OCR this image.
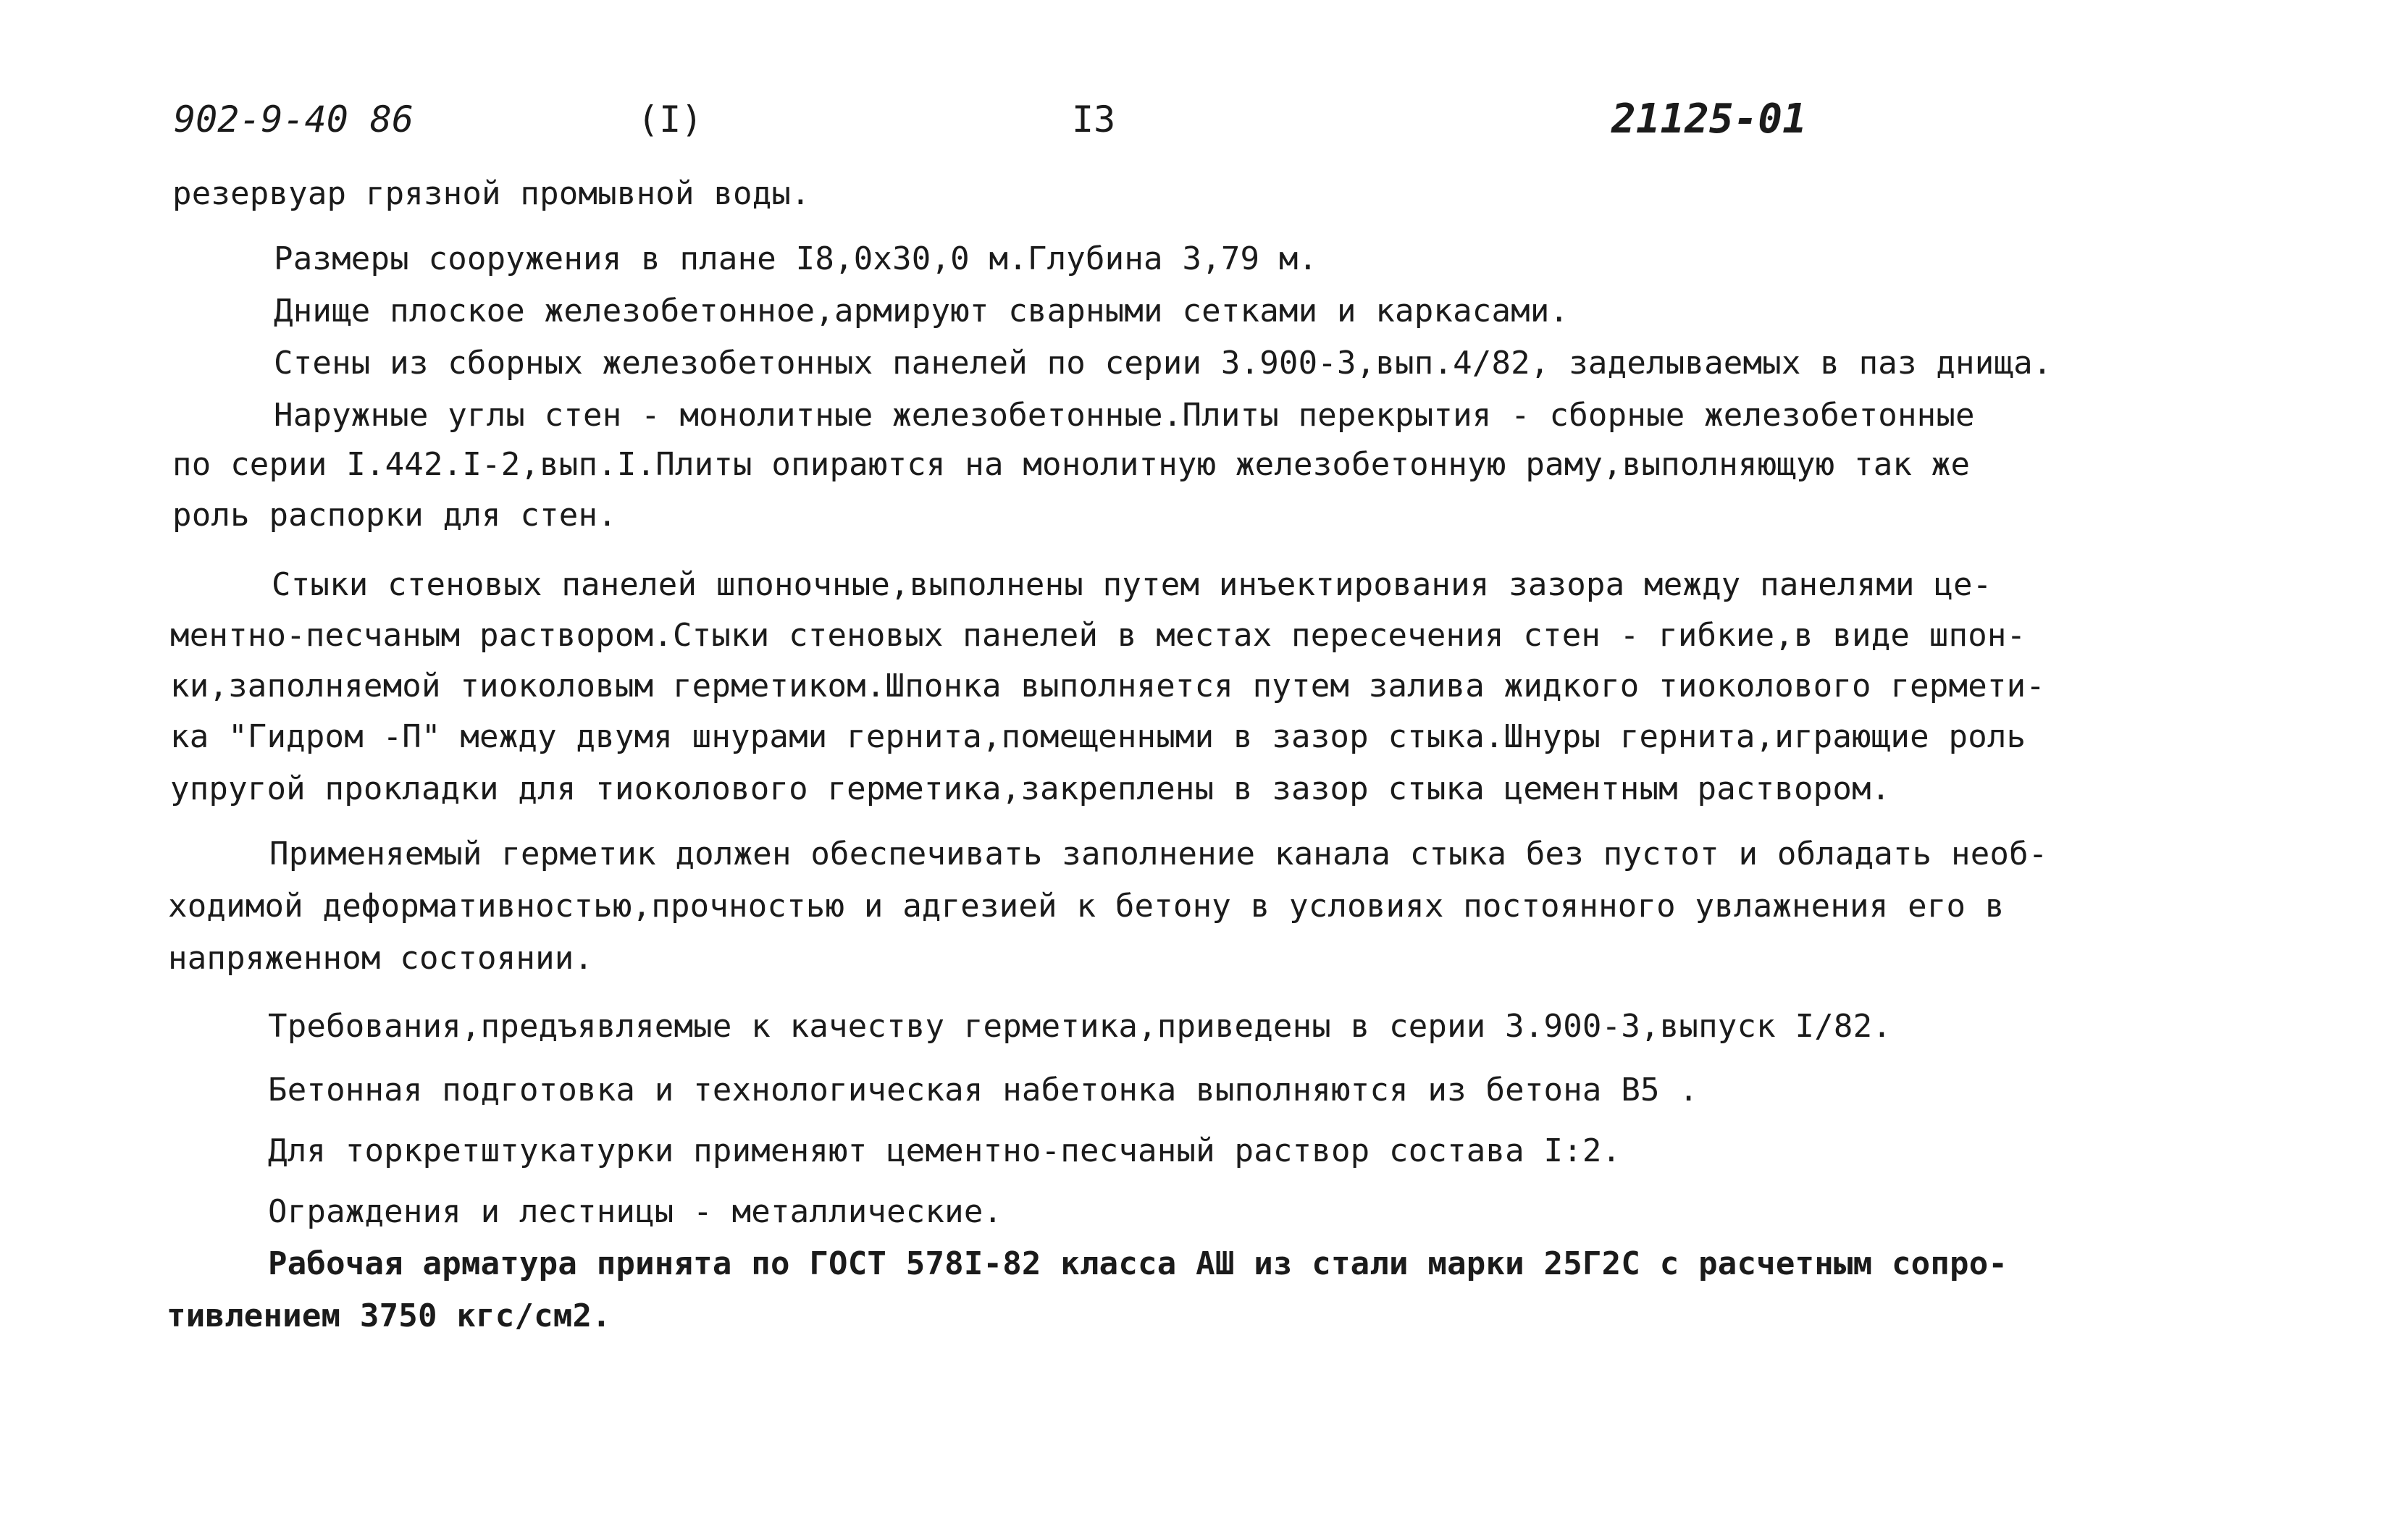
902-9-40 86	(I)	I3	21125-01
резервуар грязной промывной воды.
Размеры сооружения в плане I8,0x30,0 м.Глубина 3,79 м.
Днище плоское железобетонное,армируют сварными сетками и каркасами.
Стены из сборных железобетонных панелей по серии 3.900-3,вып.4/82, заделываемых в паз днища.
Наружные углы стен - монолитные железобетонные.Плиты перекрытия - сборные железобетонные
по серии I.442.I-2,вып.I.Плиты опираются на монолитную железобетонную раму,выполняющую так же
роль распорки для стен.
Стыки стеновых панелей шпоночные,выполнены путем инъектирования зазора между панелями це-
ментно-песчаным раствором.Стыки стеновых панелей в местах пересечения стен - гибкие,в виде шпон-
ки,заполняемой тиоколовым герметиком.Шпонка выполняется путем залива жидкого тиоколового гермети-
ка "Гидром -П" между двумя шнурами гернита,помещенными в зазор стыка.Шнуры гернита,играющие роль
упругой прокладки для тиоколового герметика,закреплены в зазор стыка цементным раствором.
Применяемый герметик должен обеспечивать заполнение канала стыка без пустот и обладать необ-
ходимой деформативностью,прочностью и адгезией к бетону в условиях постоянного увлажнения его в
напряженном состоянии.
Требования,предъявляемые к качеству герметика,приведены в серии 3.900-3,выпуск I/82.
Бетонная подготовка и технологическая набетонка выполняются из бетона В5 .
Для торкретштукатурки применяют цементно-песчаный раствор состава I:2.
Ограждения и лестницы - металлические.
Рабочая арматура принята по ГОСТ 578I-82 класса АШ из стали марки 25Г2С с расчетным сопро-
тивлением 3750 кгс/см2.
